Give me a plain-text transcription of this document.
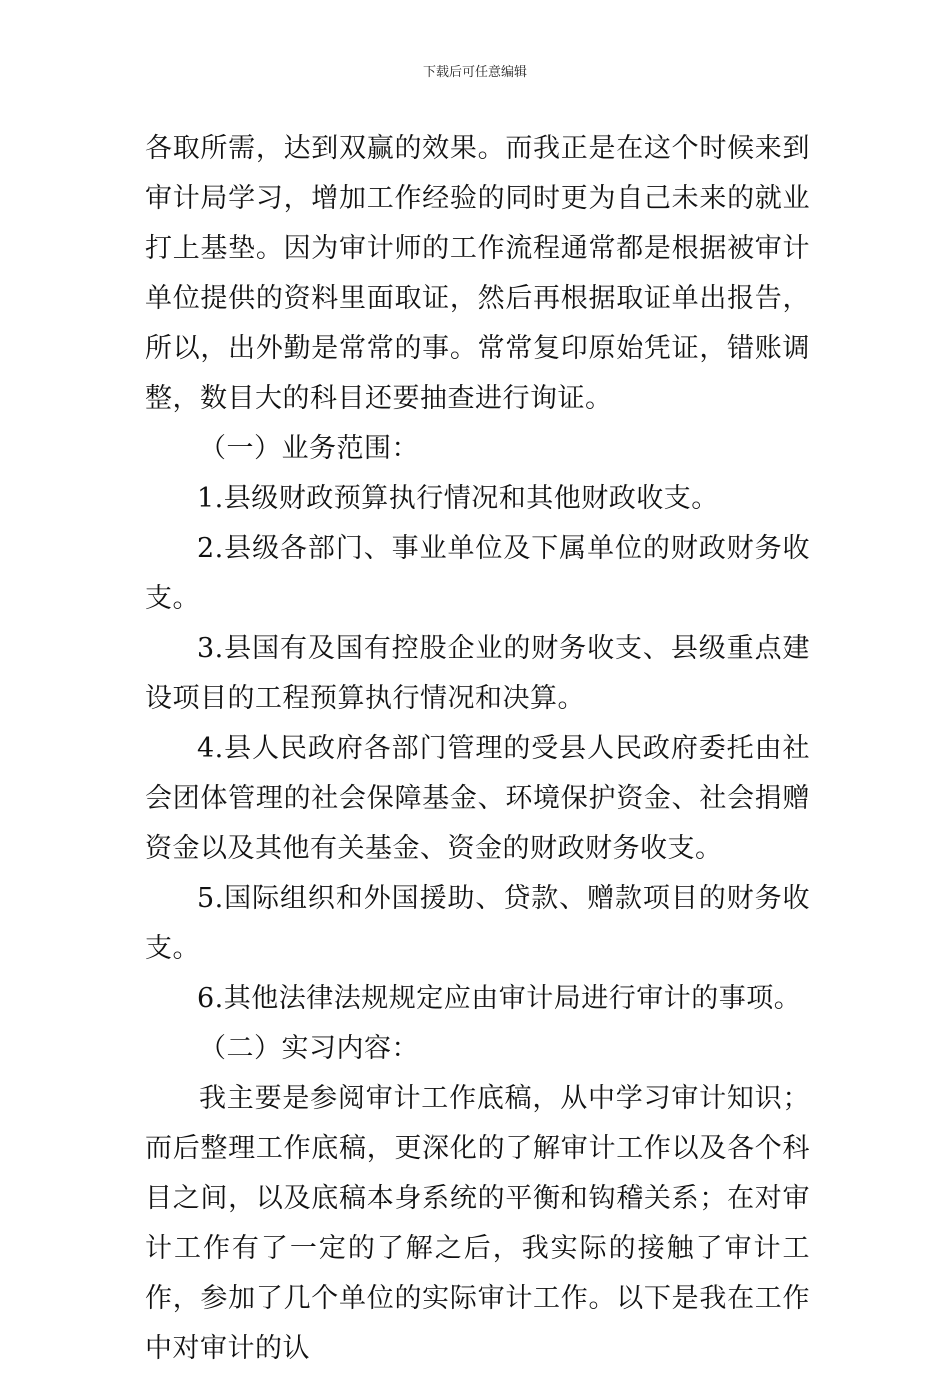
下载后可任意编辑

各取所需，达到双赢的效果。而我正是在这个时候来到审计局学习，增加工作经验的同时更为自己未来的就业打上基垫。因为审计师的工作流程通常都是根据被审计单位提供的资料里面取证，然后再根据取证单出报告，所以，出外勤是常常的事。常常复印原始凭证，错账调整，数目大的科目还要抽查进行询证。

（一）业务范围：

1.县级财政预算执行情况和其他财政收支。

2.县级各部门、事业单位及下属单位的财政财务收支。

3.县国有及国有控股企业的财务收支、县级重点建设项目的工程预算执行情况和决算。

4.县人民政府各部门管理的受县人民政府委托由社会团体管理的社会保障基金、环境保护资金、社会捐赠资金以及其他有关基金、资金的财政财务收支。

5.国际组织和外国援助、贷款、赠款项目的财务收支。

6.其他法律法规规定应由审计局进行审计的事项。

（二）实习内容：

我主要是参阅审计工作底稿，从中学习审计知识；而后整理工作底稿，更深化的了解审计工作以及各个科目之间，以及底稿本身系统的平衡和钩稽关系；在对审计工作有了一定的了解之后，我实际的接触了审计工作，参加了几个单位的实际审计工作。以下是我在工作中对审计的认
